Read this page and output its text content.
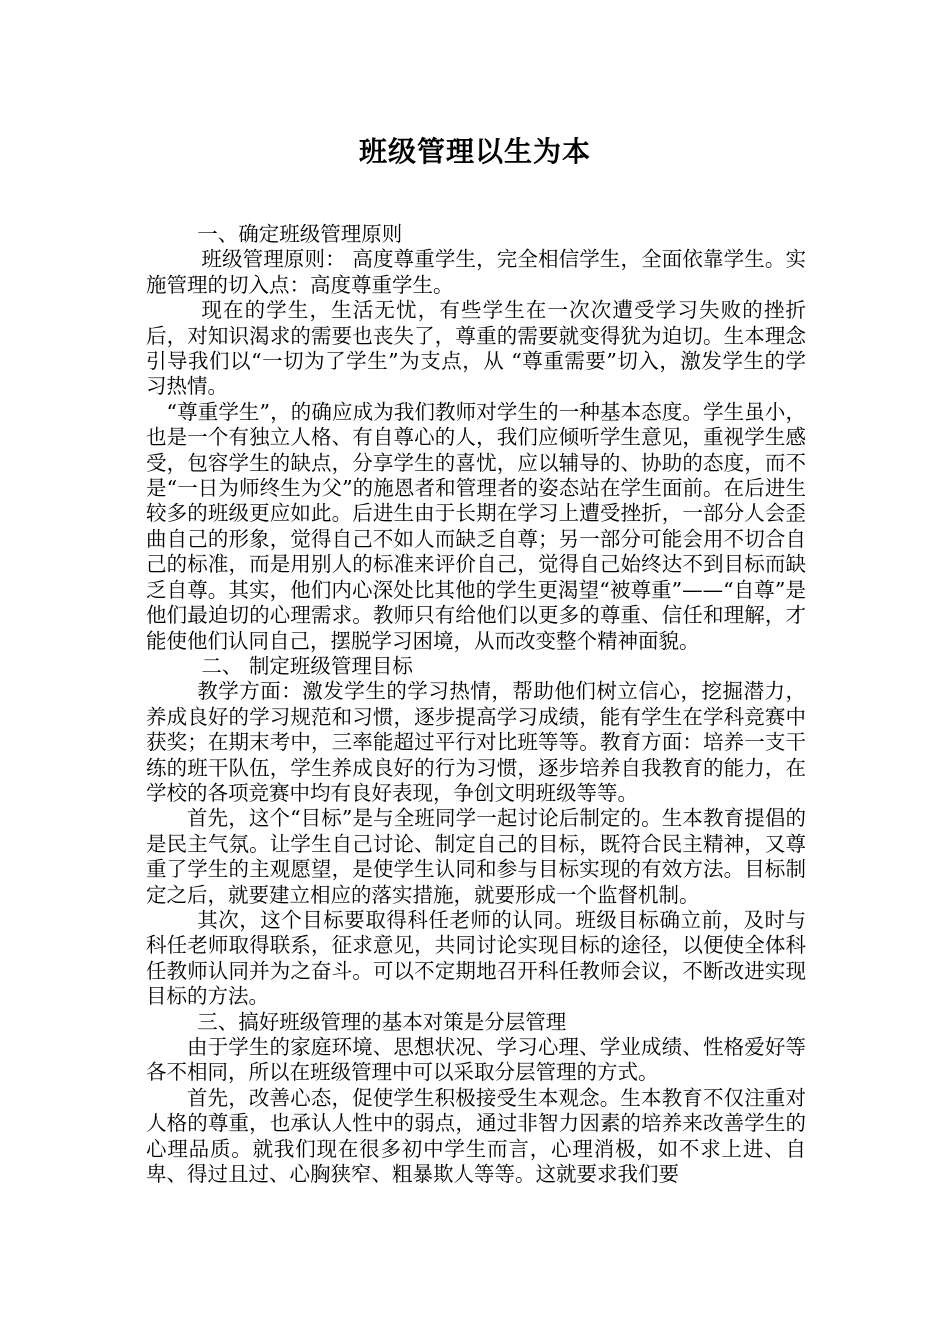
班级管理以生为本

一、确定班级管理原则

班级管理原则： 高度尊重学生，完全相信学生，全面依靠学生。实施管理的切入点：高度尊重学生。

现在的学生，生活无忧，有些学生在一次次遭受学习失败的挫折后，对知识渴求的需要也丧失了，尊重的需要就变得犹为迫切。生本理念引导我们以“一切为了学生”为支点，从 “尊重需要”切入，激发学生的学习热情。

“尊重学生”，的确应成为我们教师对学生的一种基本态度。学生虽小，也是一个有独立人格、有自尊心的人，我们应倾听学生意见，重视学生感受，包容学生的缺点，分享学生的喜忧，应以辅导的、协助的态度，而不是“一日为师终生为父”的施恩者和管理者的姿态站在学生面前。在后进生较多的班级更应如此。后进生由于长期在学习上遭受挫折，一部分人会歪曲自己的形象，觉得自己不如人而缺乏自尊；另一部分可能会用不切合自己的标准，而是用别人的标准来评价自己，觉得自己始终达不到目标而缺乏自尊。其实，他们内心深处比其他的学生更渴望“被尊重”——“自尊”是他们最迫切的心理需求。教师只有给他们以更多的尊重、信任和理解，才能使他们认同自己，摆脱学习困境，从而改变整个精神面貌。

二、 制定班级管理目标

教学方面：激发学生的学习热情，帮助他们树立信心，挖掘潜力，养成良好的学习规范和习惯，逐步提高学习成绩，能有学生在学科竞赛中获奖；在期末考中，三率能超过平行对比班等等。教育方面：培养一支干练的班干队伍，学生养成良好的行为习惯，逐步培养自我教育的能力，在学校的各项竞赛中均有良好表现，争创文明班级等等。

首先，这个“目标”是与全班同学一起讨论后制定的。生本教育提倡的是民主气氛。让学生自己讨论、制定自己的目标，既符合民主精神，又尊重了学生的主观愿望，是使学生认同和参与目标实现的有效方法。目标制定之后，就要建立相应的落实措施，就要形成一个监督机制。

其次，这个目标要取得科任老师的认同。班级目标确立前，及时与科任老师取得联系，征求意见，共同讨论实现目标的途径，以便使全体科任教师认同并为之奋斗。可以不定期地召开科任教师会议，不断改进实现目标的方法。

三、搞好班级管理的基本对策是分层管理

由于学生的家庭环境、思想状况、学习心理、学业成绩、性格爱好等各不相同，所以在班级管理中可以采取分层管理的方式。

首先，改善心态，促使学生积极接受生本观念。生本教育不仅注重对人格的尊重，也承认人性中的弱点，通过非智力因素的培养来改善学生的心理品质。就我们现在很多初中学生而言，心理消极，如不求上进、自卑、得过且过、心胸狭窄、粗暴欺人等等。这就要求我们要
